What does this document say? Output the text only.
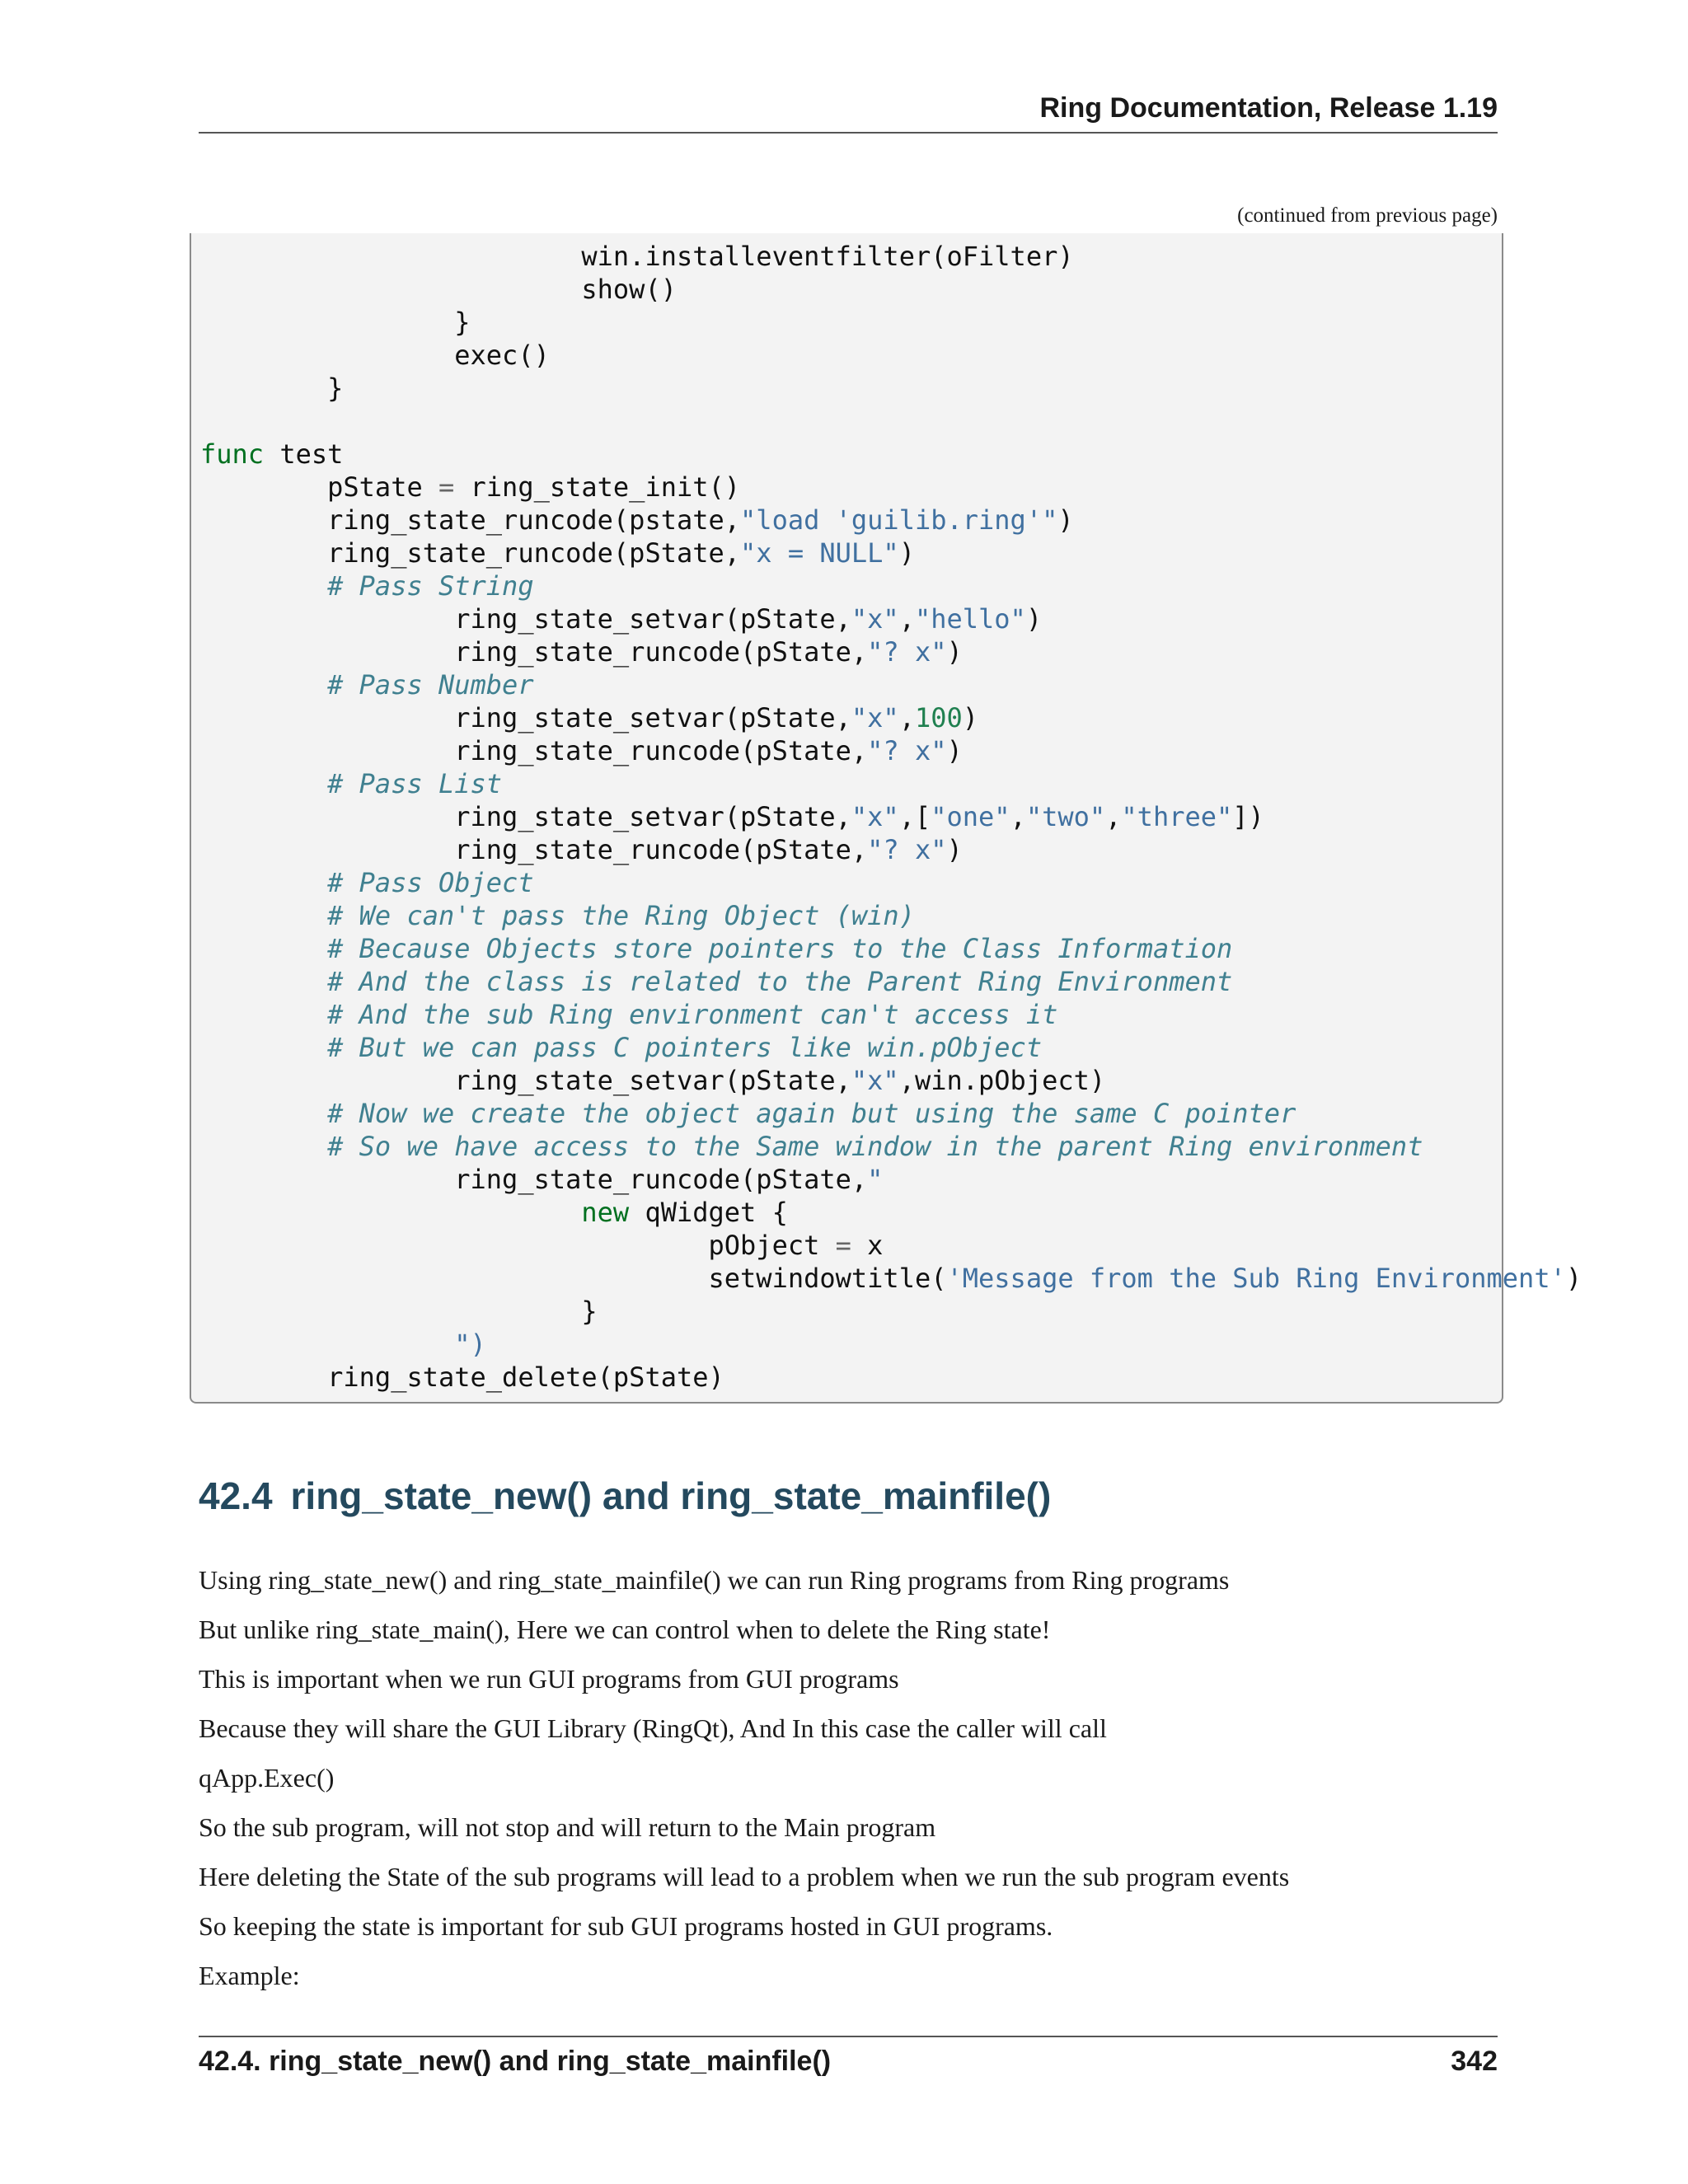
Ring Documentation, Release 1.19
(continued from previous page)
			win.installeventfilter(oFilter)
			show()
		}
		exec()
	}

func test
	pState = ring_state_init()
	ring_state_runcode(pstate,"load 'guilib.ring'")
	ring_state_runcode(pState,"x = NULL")
	# Pass String
		ring_state_setvar(pState,"x","hello")
		ring_state_runcode(pState,"? x")
	# Pass Number
		ring_state_setvar(pState,"x",100)
		ring_state_runcode(pState,"? x")
	# Pass List
		ring_state_setvar(pState,"x",["one","two","three"])
		ring_state_runcode(pState,"? x")
	# Pass Object
	# We can't pass the Ring Object (win)
	# Because Objects store pointers to the Class Information
	# And the class is related to the Parent Ring Environment
	# And the sub Ring environment can't access it
	# But we can pass C pointers like win.pObject
		ring_state_setvar(pState,"x",win.pObject)
	# Now we create the object again but using the same C pointer
	# So we have access to the Same window in the parent Ring environment
		ring_state_runcode(pState,"
			new qWidget {
				pObject = x
				setwindowtitle('Message from the Sub Ring Environment')
			}
		")
	ring_state_delete(pState)
42.4 ring_state_new() and ring_state_mainfile()

Using ring_state_new() and ring_state_mainfile() we can run Ring programs from Ring programs

But unlike ring_state_main(), Here we can control when to delete the Ring state!

This is important when we run GUI programs from GUI programs

Because they will share the GUI Library (RingQt), And In this case the caller will call

qApp.Exec()

So the sub program, will not stop and will return to the Main program

Here deleting the State of the sub programs will lead to a problem when we run the sub program events

So keeping the state is important for sub GUI programs hosted in GUI programs.

Example:

42.4. ring_state_new() and ring_state_mainfile()	342
